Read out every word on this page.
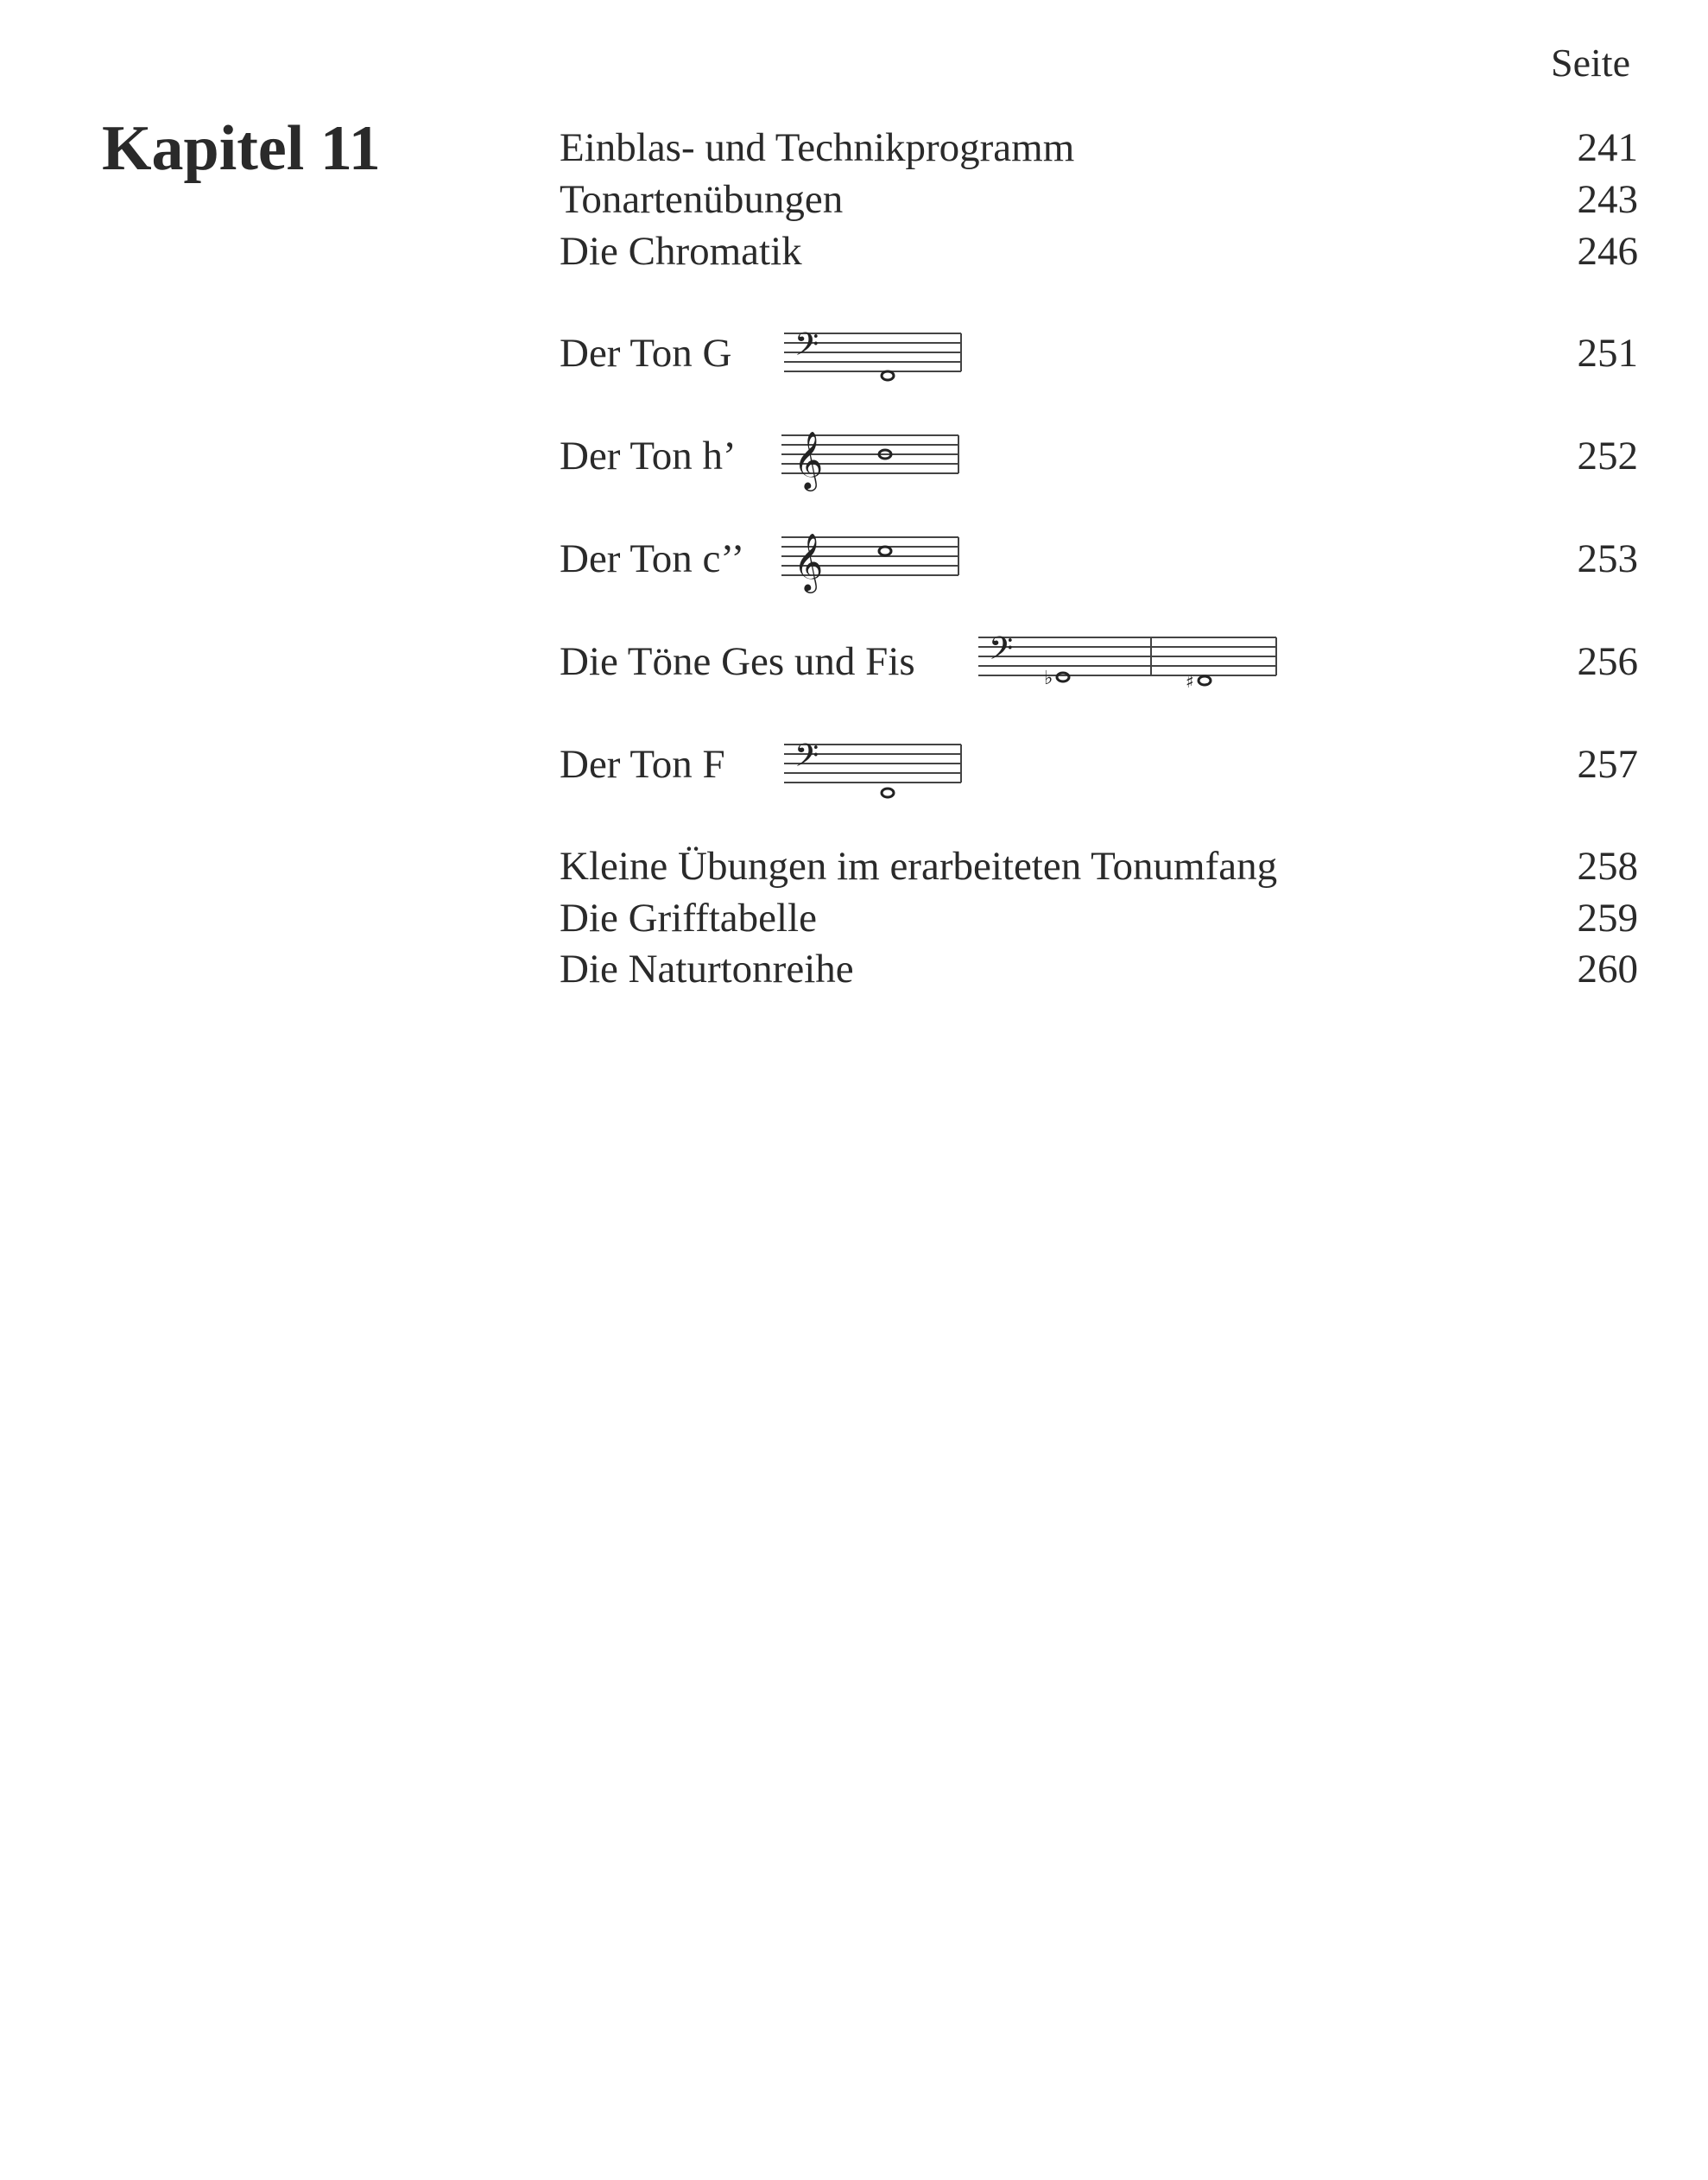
Seite
Kapitel 11	Einblas- und Technikprogramm	241
Tonartenübungen	243
Die Chromatik	246
Der Ton G	251
𝄢
Der Ton h’	252
𝄞
Der Ton c’’	253
𝄞
Die Töne Ges und Fis	256
𝄢
♭	♯
Der Ton F	257
𝄢
Kleine Übungen im erarbeiteten Tonumfang	258
Die Grifftabelle	259
Die Naturtonreihe	260
